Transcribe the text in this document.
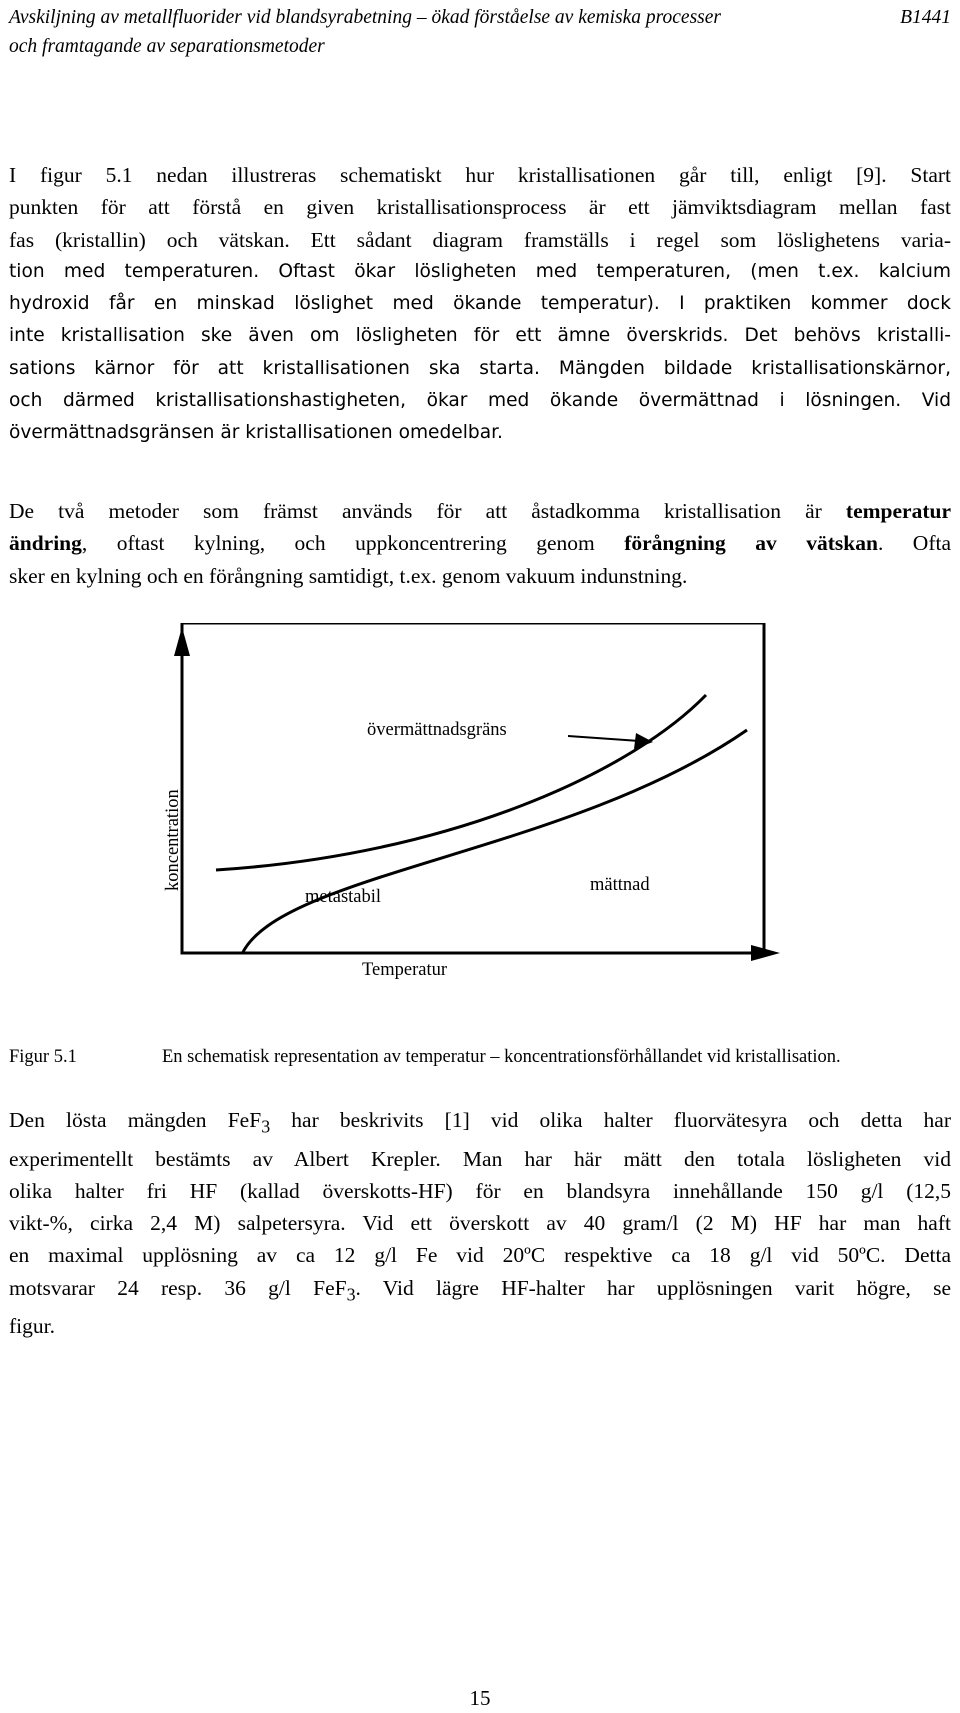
Avskiljning av metallfluorider vid blandsyrabetning – ökad förståelse av kemiska processer
och framtagande av separationsmetoder
B1441

I figur 5.1 nedan illustreras schematiskt hur kristallisationen går till, enligt [9]. Start
punkten för att förstå en given kristallisationsprocess är ett jämviktsdiagram mellan fast
fas (kristallin) och vätskan. Ett sådant diagram framställs i regel som löslighetens varia-
tion med temperaturen. Oftast ökar lösligheten med temperaturen, (men t.ex. kalcium
hydroxid får en minskad löslighet med ökande temperatur). I praktiken kommer dock
inte kristallisation ske även om lösligheten för ett ämne överskrids. Det behövs kristalli-
sations kärnor för att kristallisationen ska starta. Mängden bildade kristallisationskärnor,
och därmed kristallisationshastigheten, ökar med ökande övermättnad i lösningen. Vid
övermättnadsgränsen är kristallisationen omedelbar.

De två metoder som främst används för att åstadkomma kristallisation är temperatur
ändring, oftast kylning, och uppkoncentrering genom förångning av vätskan. Ofta
sker en kylning och en förångning samtidigt, t.ex. genom vakuum indunstning.

övermättnadsgräns
metastabil
mättnad
Temperatur
koncentration
Figur 5.1	En schematisk representation av temperatur – koncentrationsförhållandet vid kristallisation.

Den lösta mängden FeF$_3$ har beskrivits [1] vid olika halter fluorvätesyra och detta har
experimentellt bestämts av Albert Krepler. Man har här mätt den totala lösligheten vid
olika halter fri HF (kallad överskotts-HF) för en blandsyra innehållande 150 g/l (12,5
vikt-%, cirka 2,4 M) salpetersyra. Vid ett överskott av 40 gram/l (2 M) HF har man haft
en maximal upplösning av ca 12 g/l Fe vid 20ºC respektive ca 18 g/l vid 50ºC. Detta
motsvarar 24 resp. 36 g/l FeF$_3$. Vid lägre HF-halter har upplösningen varit högre, se
figur.

15
